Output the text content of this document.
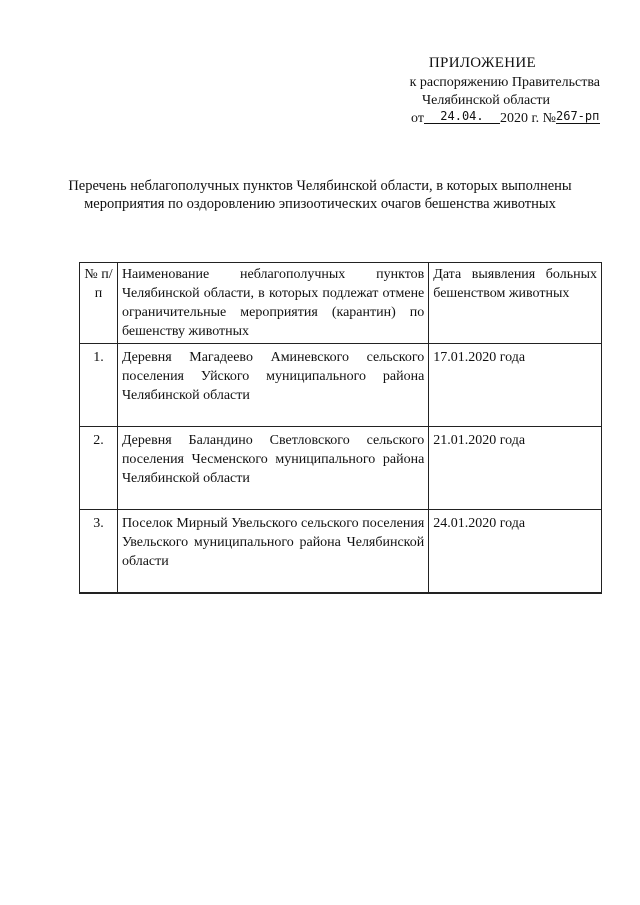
ПРИЛОЖЕНИЕ
к распоряжению Правительства
Челябинской области
от 24.04. 2020 г. №267-рп
Перечень неблагополучных пунктов Челябинской области, в которых выполнены мероприятия по оздоровлению эпизоотических очагов бешенства животных
№ п/п	Наименование неблагополучных пунктов Челябинской области, в которых подлежат отмене ограничительные мероприятия (карантин) по бешенству животных	Дата выявления больных бешенством животных
1.	Деревня Магадеево Аминевского сельского поселения Уйского муниципального района Челябинской области	17.01.2020 года
2.	Деревня Баландино Светловского сельского поселения Чесменского муниципального района Челябинской области	21.01.2020 года
3.	Поселок Мирный Увельского сельского поселения Увельского муниципального района Челябинской области	24.01.2020 года
